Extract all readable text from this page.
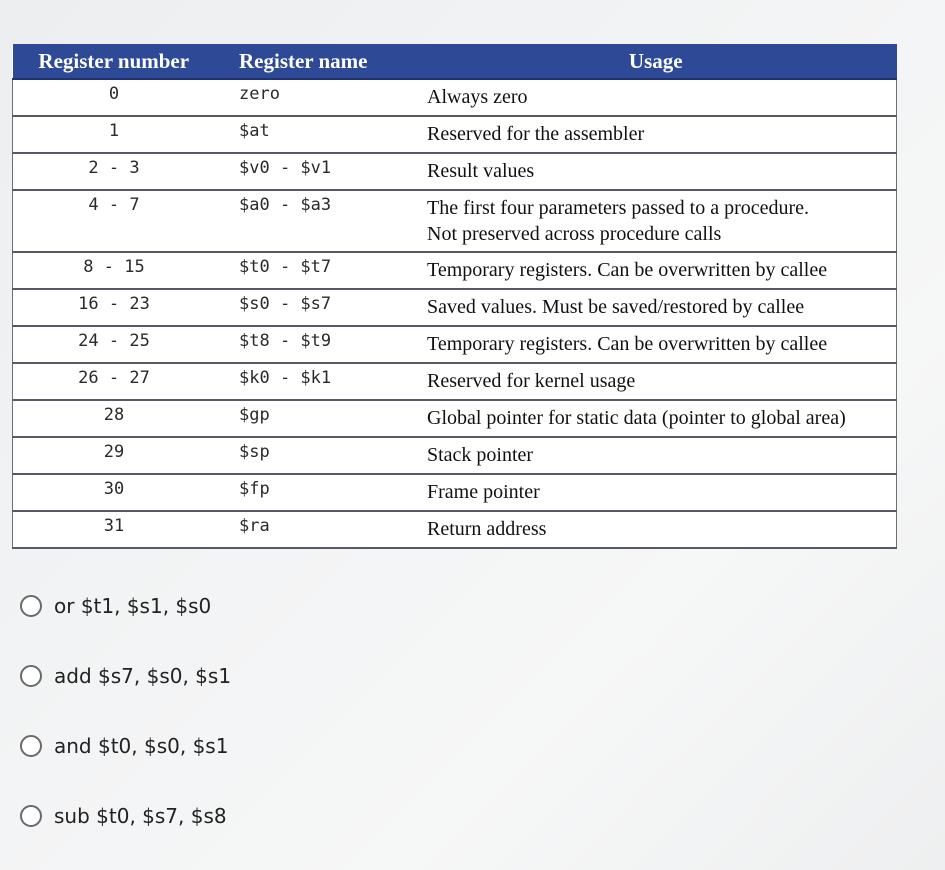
Register number	Register name	Usage
0	zero	Always zero
1	$at	Reserved for the assembler
2 - 3	$v0 - $v1	Result values
4 - 7	$a0 - $a3	The first four parameters passed to a procedure.
Not preserved across procedure calls
8 - 15	$t0 - $t7	Temporary registers. Can be overwritten by callee
16 - 23	$s0 - $s7	Saved values. Must be saved/restored by callee
24 - 25	$t8 - $t9	Temporary registers. Can be overwritten by callee
26 - 27	$k0 - $k1	Reserved for kernel usage
28	$gp	Global pointer for static data (pointer to global area)
29	$sp	Stack pointer
30	$fp	Frame pointer
31	$ra	Return address
or $t1, $s1, $s0
add $s7, $s0, $s1
and $t0, $s0, $s1
sub $t0, $s7, $s8
